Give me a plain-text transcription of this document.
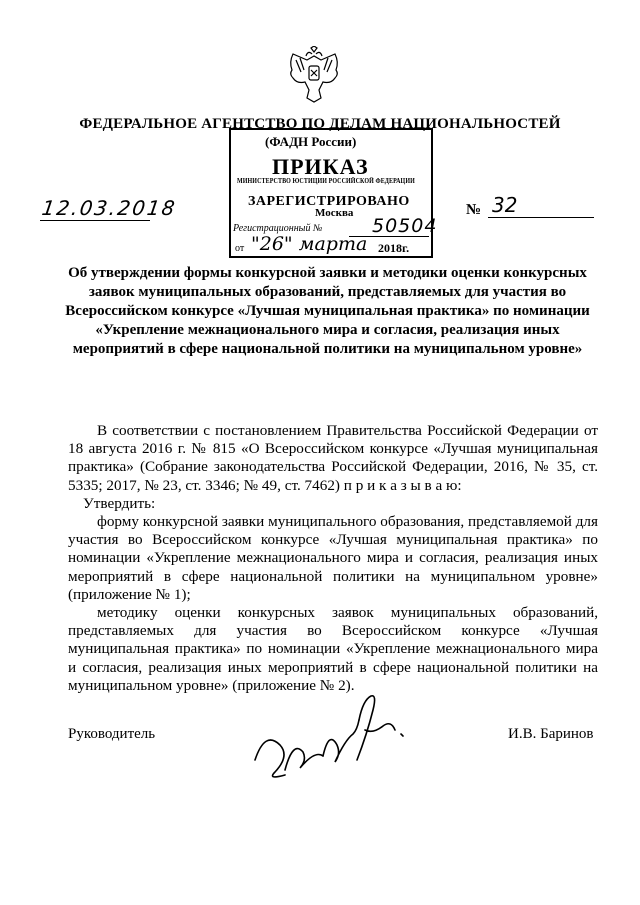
ФЕДЕРАЛЬНОЕ АГЕНТСТВО ПО ДЕЛАМ НАЦИОНАЛЬНОСТЕЙ
(ФАДН России)
ПРИКАЗ
МИНИСТЕРСТВО ЮСТИЦИИ РОССИЙСКОЙ ФЕДЕРАЦИИ
ЗАРЕГИСТРИРОВАНО
Москва
Регистрационный №	50504
от "26" марта 2018г.
12.03.2018	№ 32
Об утверждении формы конкурсной заявки и методики оценки конкурсных заявок муниципальных образований, представляемых для участия во Всероссийском конкурсе «Лучшая муниципальная практика» по номинации «Укрепление межнационального мира и согласия, реализация иных мероприятий в сфере национальной политики на муниципальном уровне»

В соответствии с постановлением Правительства Российской Федерации от 18 августа 2016 г. № 815 «О Всероссийском конкурсе «Лучшая муниципальная практика» (Собрание законодательства Российской Федерации, 2016, № 35, ст. 5335; 2017, № 23, ст. 3346; № 49, ст. 7462) п р и к а з ы в а ю:

Утвердить:

форму конкурсной заявки муниципального образования, представляемой для участия во Всероссийском конкурсе «Лучшая муниципальная практика» по номинации «Укрепление межнационального мира и согласия, реализация иных мероприятий в сфере национальной политики на муниципальном уровне» (приложение № 1);

методику оценки конкурсных заявок муниципальных образований, представляемых для участия во Всероссийском конкурсе «Лучшая муниципальная практика» по номинации «Укрепление межнационального мира и согласия, реализация иных мероприятий в сфере национальной политики на муниципальном уровне» (приложение № 2).

Руководитель	И.В. Баринов
